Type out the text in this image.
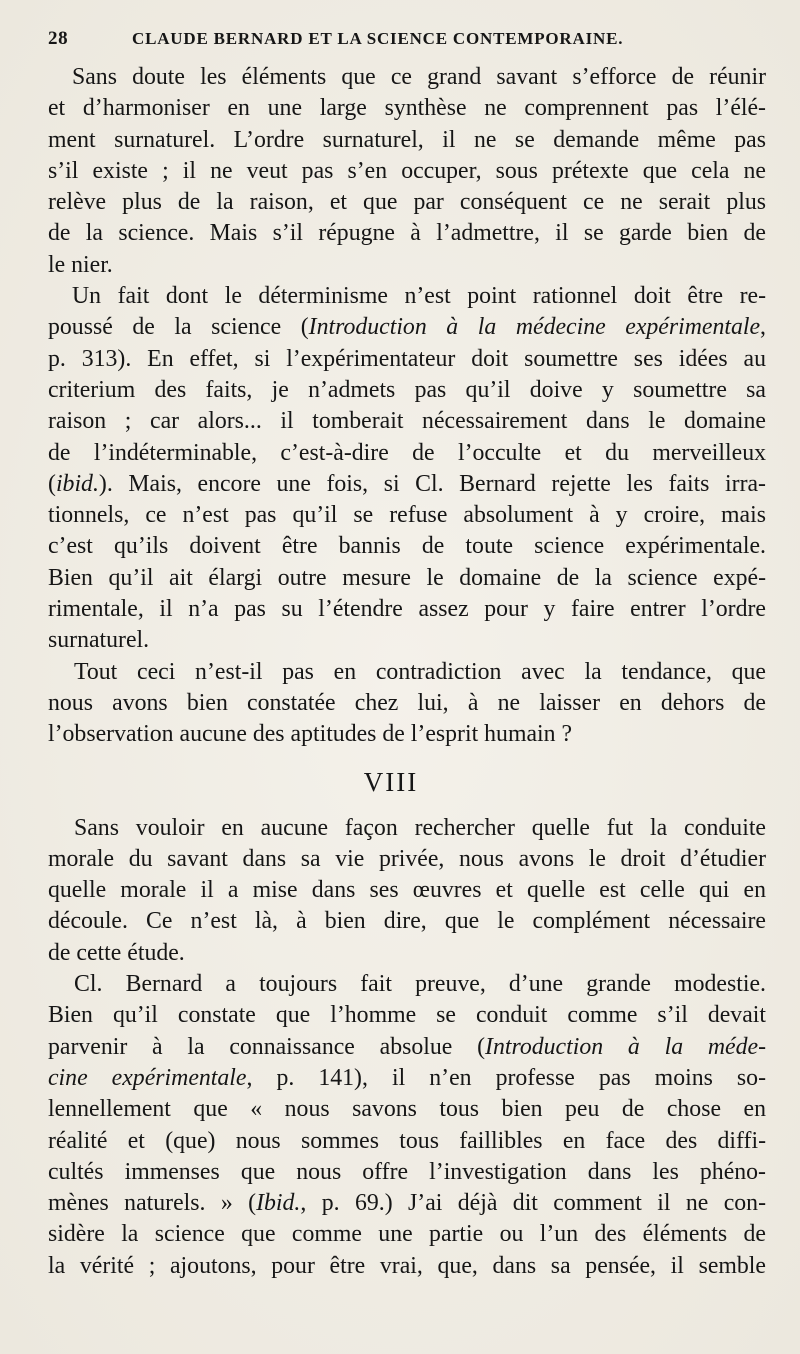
28	CLAUDE BERNARD ET LA SCIENCE CONTEMPORAINE.
Sans doute les éléments que ce grand savant s’efforce de réunir
et d’harmoniser en une large synthèse ne comprennent pas l’élé-
ment surnaturel. L’ordre surnaturel, il ne se demande même pas
s’il existe ; il ne veut pas s’en occuper, sous prétexte que cela ne
relève plus de la raison, et que par conséquent ce ne serait plus
de la science. Mais s’il répugne à l’admettre, il se garde bien de
le nier.
Un fait dont le déterminisme n’est point rationnel doit être re-
poussé de la science (Introduction à la médecine expérimentale,
p. 313). En effet, si l’expérimentateur doit soumettre ses idées au
criterium des faits, je n’admets pas qu’il doive y soumettre sa
raison ; car alors... il tomberait nécessairement dans le domaine
de l’indéterminable, c’est-à-dire de l’occulte et du merveilleux
(ibid.). Mais, encore une fois, si Cl. Bernard rejette les faits irra-
tionnels, ce n’est pas qu’il se refuse absolument à y croire, mais
c’est qu’ils doivent être bannis de toute science expérimentale.
Bien qu’il ait élargi outre mesure le domaine de la science expé-
rimentale, il n’a pas su l’étendre assez pour y faire entrer l’ordre
surnaturel.
Tout ceci n’est-il pas en contradiction avec la tendance, que
nous avons bien constatée chez lui, à ne laisser en dehors de
l’observation aucune des aptitudes de l’esprit humain ?
VIII
Sans vouloir en aucune façon rechercher quelle fut la conduite
morale du savant dans sa vie privée, nous avons le droit d’étudier
quelle morale il a mise dans ses œuvres et quelle est celle qui en
découle. Ce n’est là, à bien dire, que le complément nécessaire
de cette étude.
Cl. Bernard a toujours fait preuve, d’une grande modestie.
Bien qu’il constate que l’homme se conduit comme s’il devait
parvenir à la connaissance absolue (Introduction à la méde-
cine expérimentale, p. 141), il n’en professe pas moins so-
lennellement que « nous savons tous bien peu de chose en
réalité et (que) nous sommes tous faillibles en face des diffi-
cultés immenses que nous offre l’investigation dans les phéno-
mènes naturels. » (Ibid., p. 69.) J’ai déjà dit comment il ne con-
sidère la science que comme une partie ou l’un des éléments de
la vérité ; ajoutons, pour être vrai, que, dans sa pensée, il semble
